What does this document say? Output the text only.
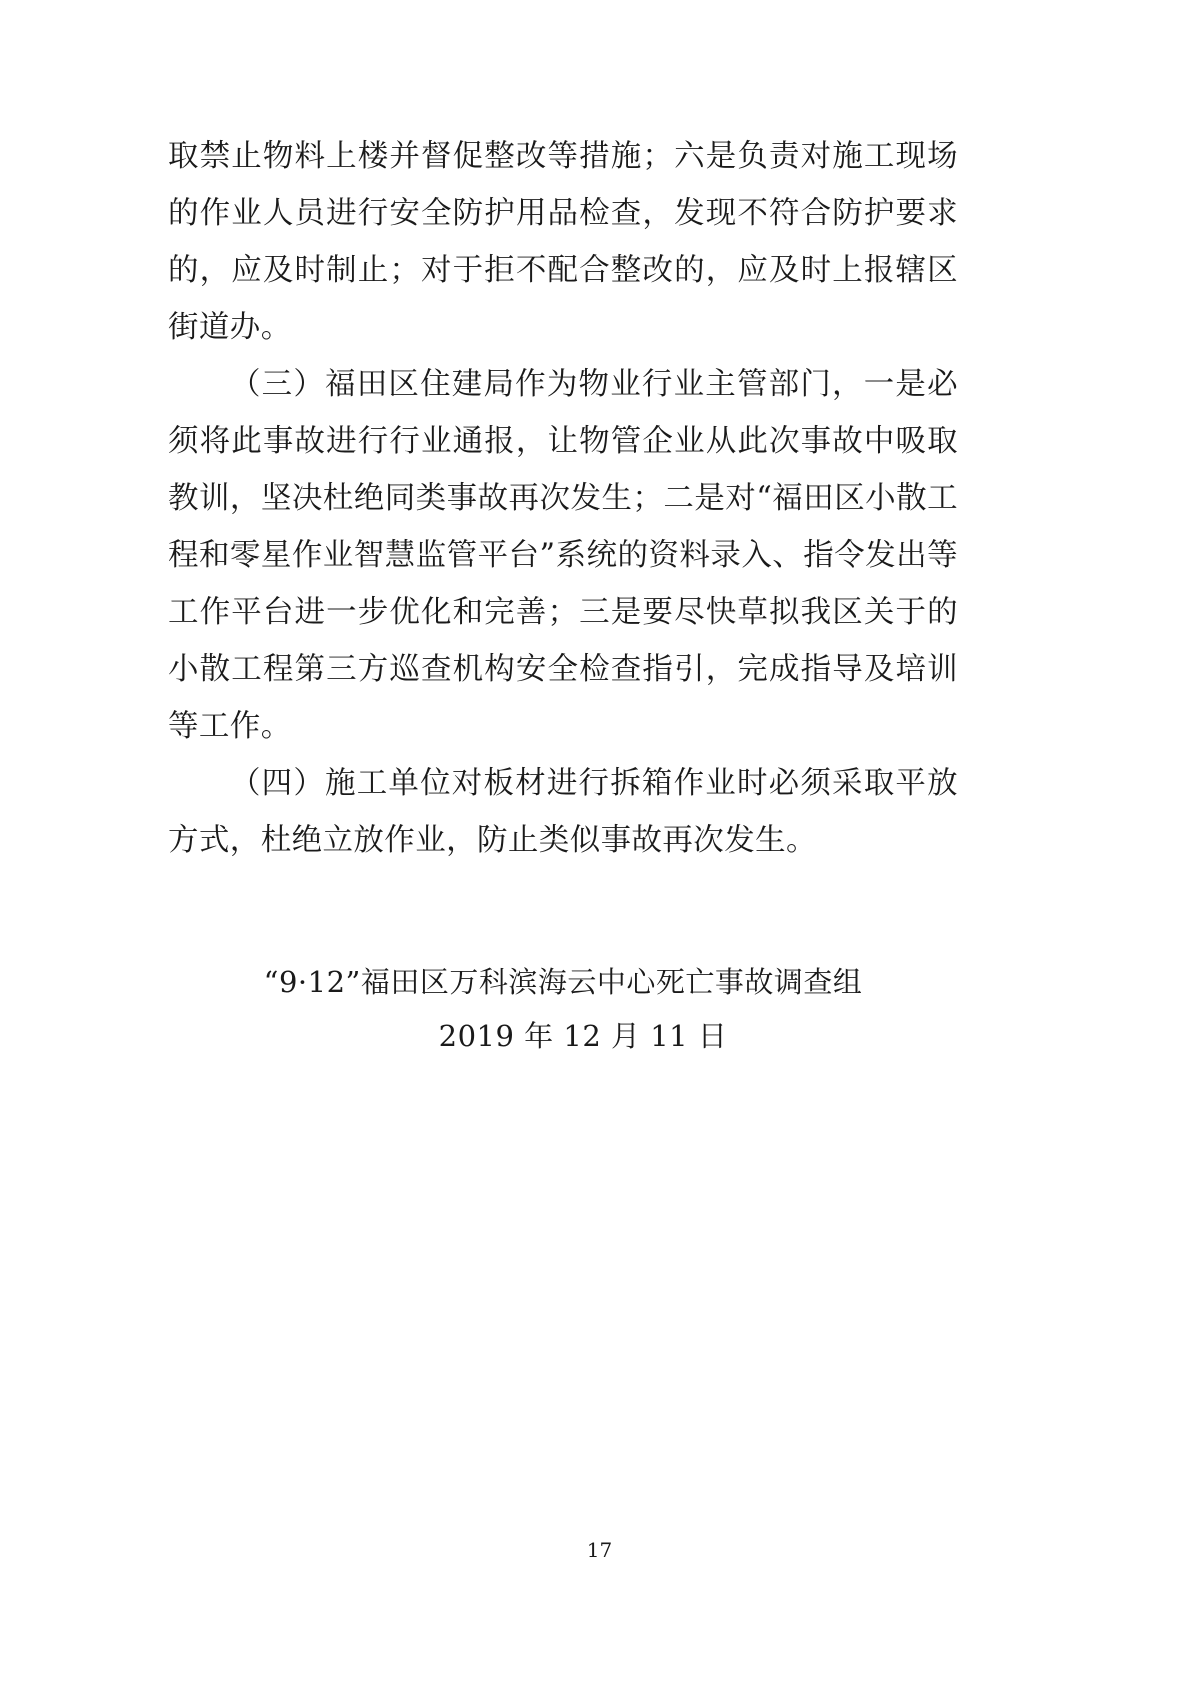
取禁止物料上楼并督促整改等措施；六是负责对施工现场的作业人员进行安全防护用品检查，发现不符合防护要求的，应及时制止；对于拒不配合整改的，应及时上报辖区街道办。

（三）福田区住建局作为物业行业主管部门，一是必须将此事故进行行业通报，让物管企业从此次事故中吸取教训，坚决杜绝同类事故再次发生；二是对“福田区小散工程和零星作业智慧监管平台”系统的资料录入、指令发出等工作平台进一步优化和完善；三是要尽快草拟我区关于的小散工程第三方巡查机构安全检查指引，完成指导及培训等工作。

（四）施工单位对板材进行拆箱作业时必须采取平放方式，杜绝立放作业，防止类似事故再次发生。

“9·12”福田区万科滨海云中心死亡事故调查组
2019 年 12 月 11 日
17
